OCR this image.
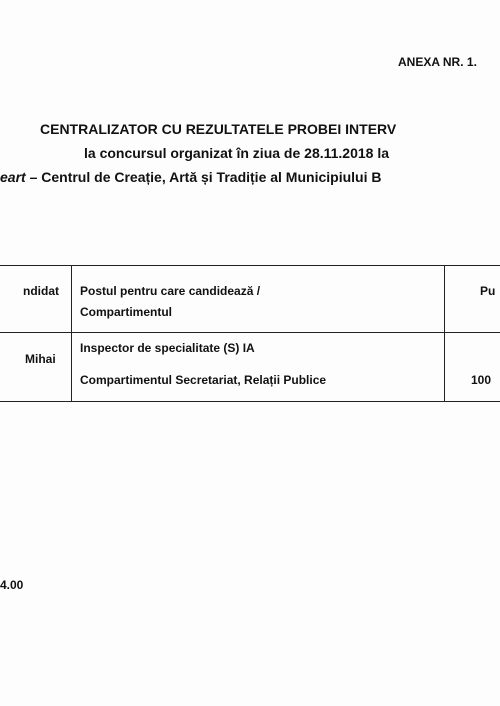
ANEXA NR. 1.
CENTRALIZATOR CU REZULTATELE PROBEI INTERV
la concursul organizat în ziua de 28.11.2018 la
eart – Centrul de Creație, Artă și Tradiție al Municipiului B
ndidat Postul pentru care candidează /
Compartimentul
Pu
Mihai
Inspector de specialitate (S) IA
Compartimentul Secretariat, Relații Publice	100
4.00
